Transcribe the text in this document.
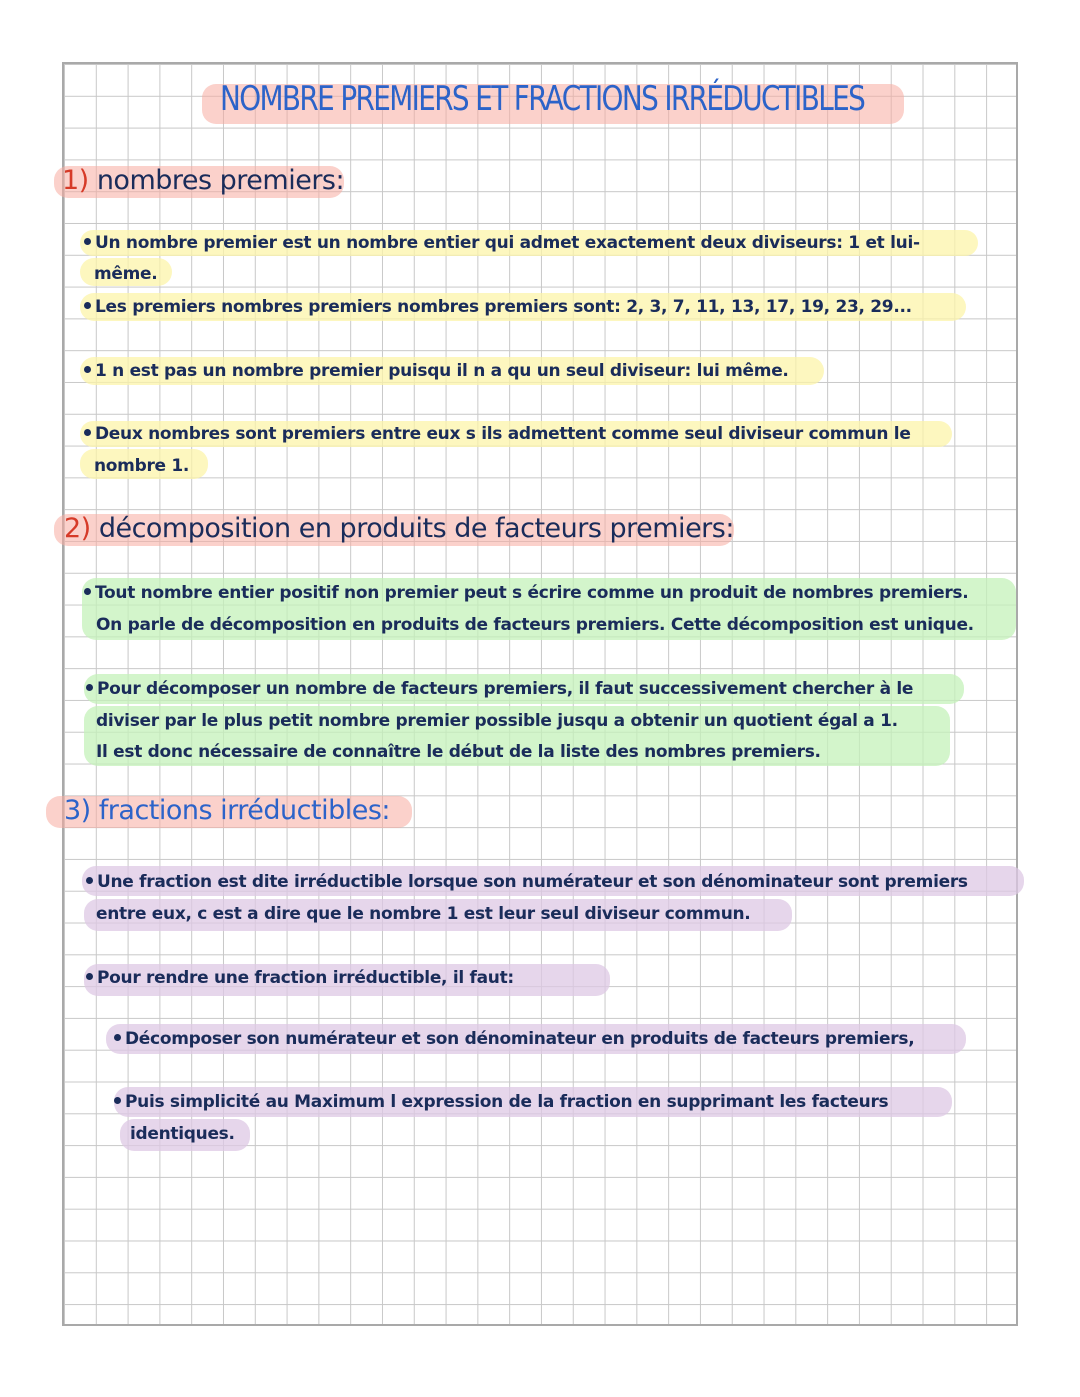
NOMBRE PREMIERS ET FRACTIONS IRRÉDUCTIBLES
1) nombres premiers:
Un nombre premier est un nombre entier qui admet exactement deux diviseurs: 1 et lui-
même.
Les premiers nombres premiers nombres premiers sont: 2, 3, 7, 11, 13, 17, 19, 23, 29...
1 n est pas un nombre premier puisqu il n a qu un seul diviseur: lui même.
Deux nombres sont premiers entre eux s ils admettent comme seul diviseur commun le
nombre 1.
2) décomposition en produits de facteurs premiers:
Tout nombre entier positif non premier peut s écrire comme un produit de nombres premiers.
On parle de décomposition en produits de facteurs premiers. Cette décomposition est unique.
Pour décomposer un nombre de facteurs premiers, il faut successivement chercher à le
diviser par le plus petit nombre premier possible jusqu a obtenir un quotient égal a 1.
Il est donc nécessaire de connaître le début de la liste des nombres premiers.
3) fractions irréductibles:
Une fraction est dite irréductible lorsque son numérateur et son dénominateur sont premiers
entre eux, c est a dire que le nombre 1 est leur seul diviseur commun.
Pour rendre une fraction irréductible, il faut:
Décomposer son numérateur et son dénominateur en produits de facteurs premiers,
Puis simplicité au Maximum l expression de la fraction en supprimant les facteurs
identiques.
